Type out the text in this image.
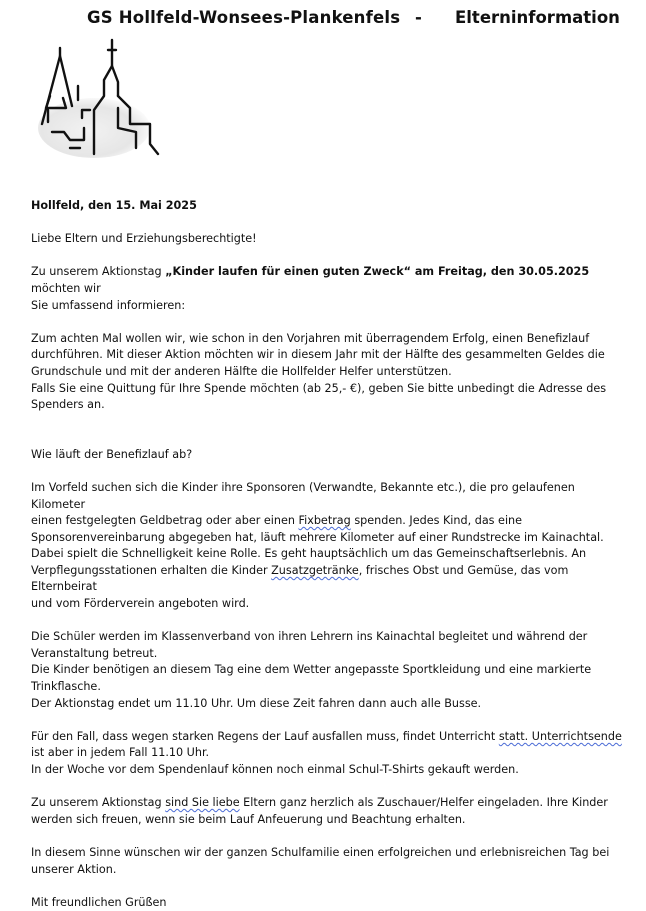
GS Hollfeld-Wonsees-Plankenfels - Elterninformation

Hollfeld, den 15. Mai 2025

Liebe Eltern und Erziehungsberechtigte!

Zu unserem Aktionstag „Kinder laufen für einen guten Zweck“ am Freitag, den 30.05.2025 möchten wir

Sie umfassend informieren:

Zum achten Mal wollen wir, wie schon in den Vorjahren mit überragendem Erfolg, einen Benefizlauf

durchführen. Mit dieser Aktion möchten wir in diesem Jahr mit der Hälfte des gesammelten Geldes die

Grundschule und mit der anderen Hälfte die Hollfelder Helfer unterstützen.

Falls Sie eine Quittung für Ihre Spende möchten (ab 25,- €), geben Sie bitte unbedingt die Adresse des

Spenders an.

Wie läuft der Benefizlauf ab?

Im Vorfeld suchen sich die Kinder ihre Sponsoren (Verwandte, Bekannte etc.), die pro gelaufenen Kilometer

einen festgelegten Geldbetrag oder aber einen Fixbetrag spenden. Jedes Kind, das eine

Sponsorenvereinbarung abgegeben hat, läuft mehrere Kilometer auf einer Rundstrecke im Kainachtal.

Dabei spielt die Schnelligkeit keine Rolle. Es geht hauptsächlich um das Gemeinschaftserlebnis. An

Verpflegungsstationen erhalten die Kinder Zusatzgetränke, frisches Obst und Gemüse, das vom Elternbeirat

und vom Förderverein angeboten wird.

Die Schüler werden im Klassenverband von ihren Lehrern ins Kainachtal begleitet und während der

Veranstaltung betreut.

Die Kinder benötigen an diesem Tag eine dem Wetter angepasste Sportkleidung und eine markierte

Trinkflasche.

Der Aktionstag endet um 11.10 Uhr. Um diese Zeit fahren dann auch alle Busse.

Für den Fall, dass wegen starken Regens der Lauf ausfallen muss, findet Unterricht statt. Unterrichtsende

ist aber in jedem Fall 11.10 Uhr.

In der Woche vor dem Spendenlauf können noch einmal Schul-T-Shirts gekauft werden.

Zu unserem Aktionstag sind Sie liebe Eltern ganz herzlich als Zuschauer/Helfer eingeladen. Ihre Kinder

werden sich freuen, wenn sie beim Lauf Anfeuerung und Beachtung erhalten.

In diesem Sinne wünschen wir der ganzen Schulfamilie einen erfolgreichen und erlebnisreichen Tag bei

unserer Aktion.

Mit freundlichen Grüßen
